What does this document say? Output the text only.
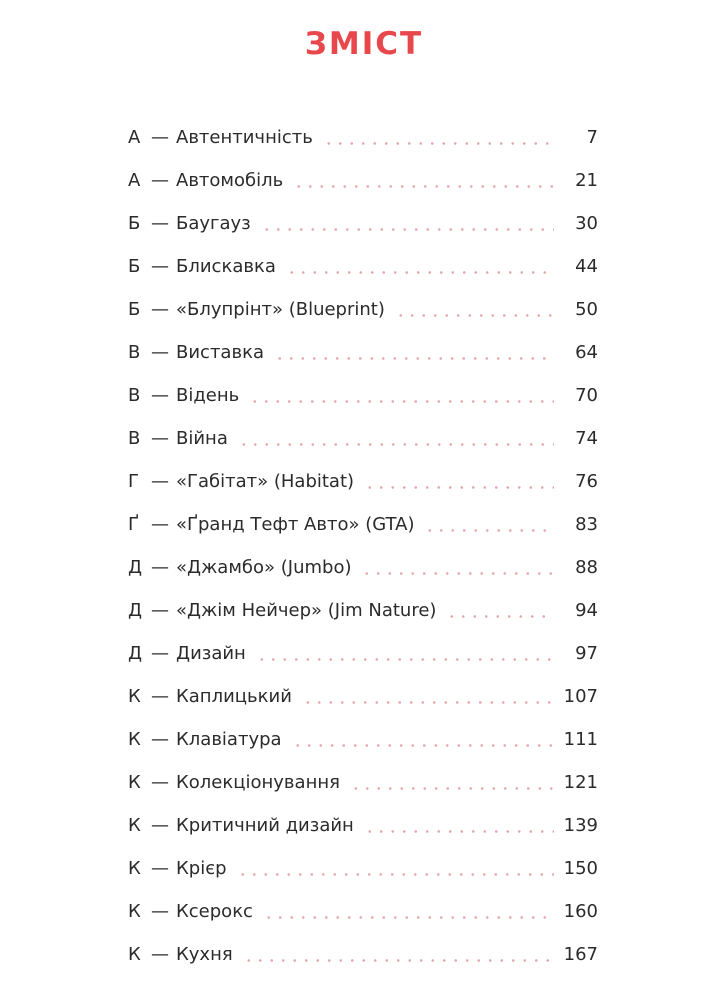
ЗМІСТ
А — Автентичність	7
А — Автомобіль	21
Б — Баугауз	30
Б — Блискавка	44
Б — «Блупрінт» (Blueprint)	50
В — Виставка	64
В — Відень	70
В — Війна	74
Г — «Габітат» (Habitat)	76
Ґ — «Ґранд Тефт Авто» (GTA)	83
Д — «Джамбо» (Jumbo)	88
Д — «Джім Нейчер» (Jim Nature)	94
Д — Дизайн	97
К — Каплицький	107
К — Клавіатура	111
К — Колекціонування	121
К — Критичний дизайн	139
К — Крієр	150
К — Ксерокс	160
К — Кухня	167
